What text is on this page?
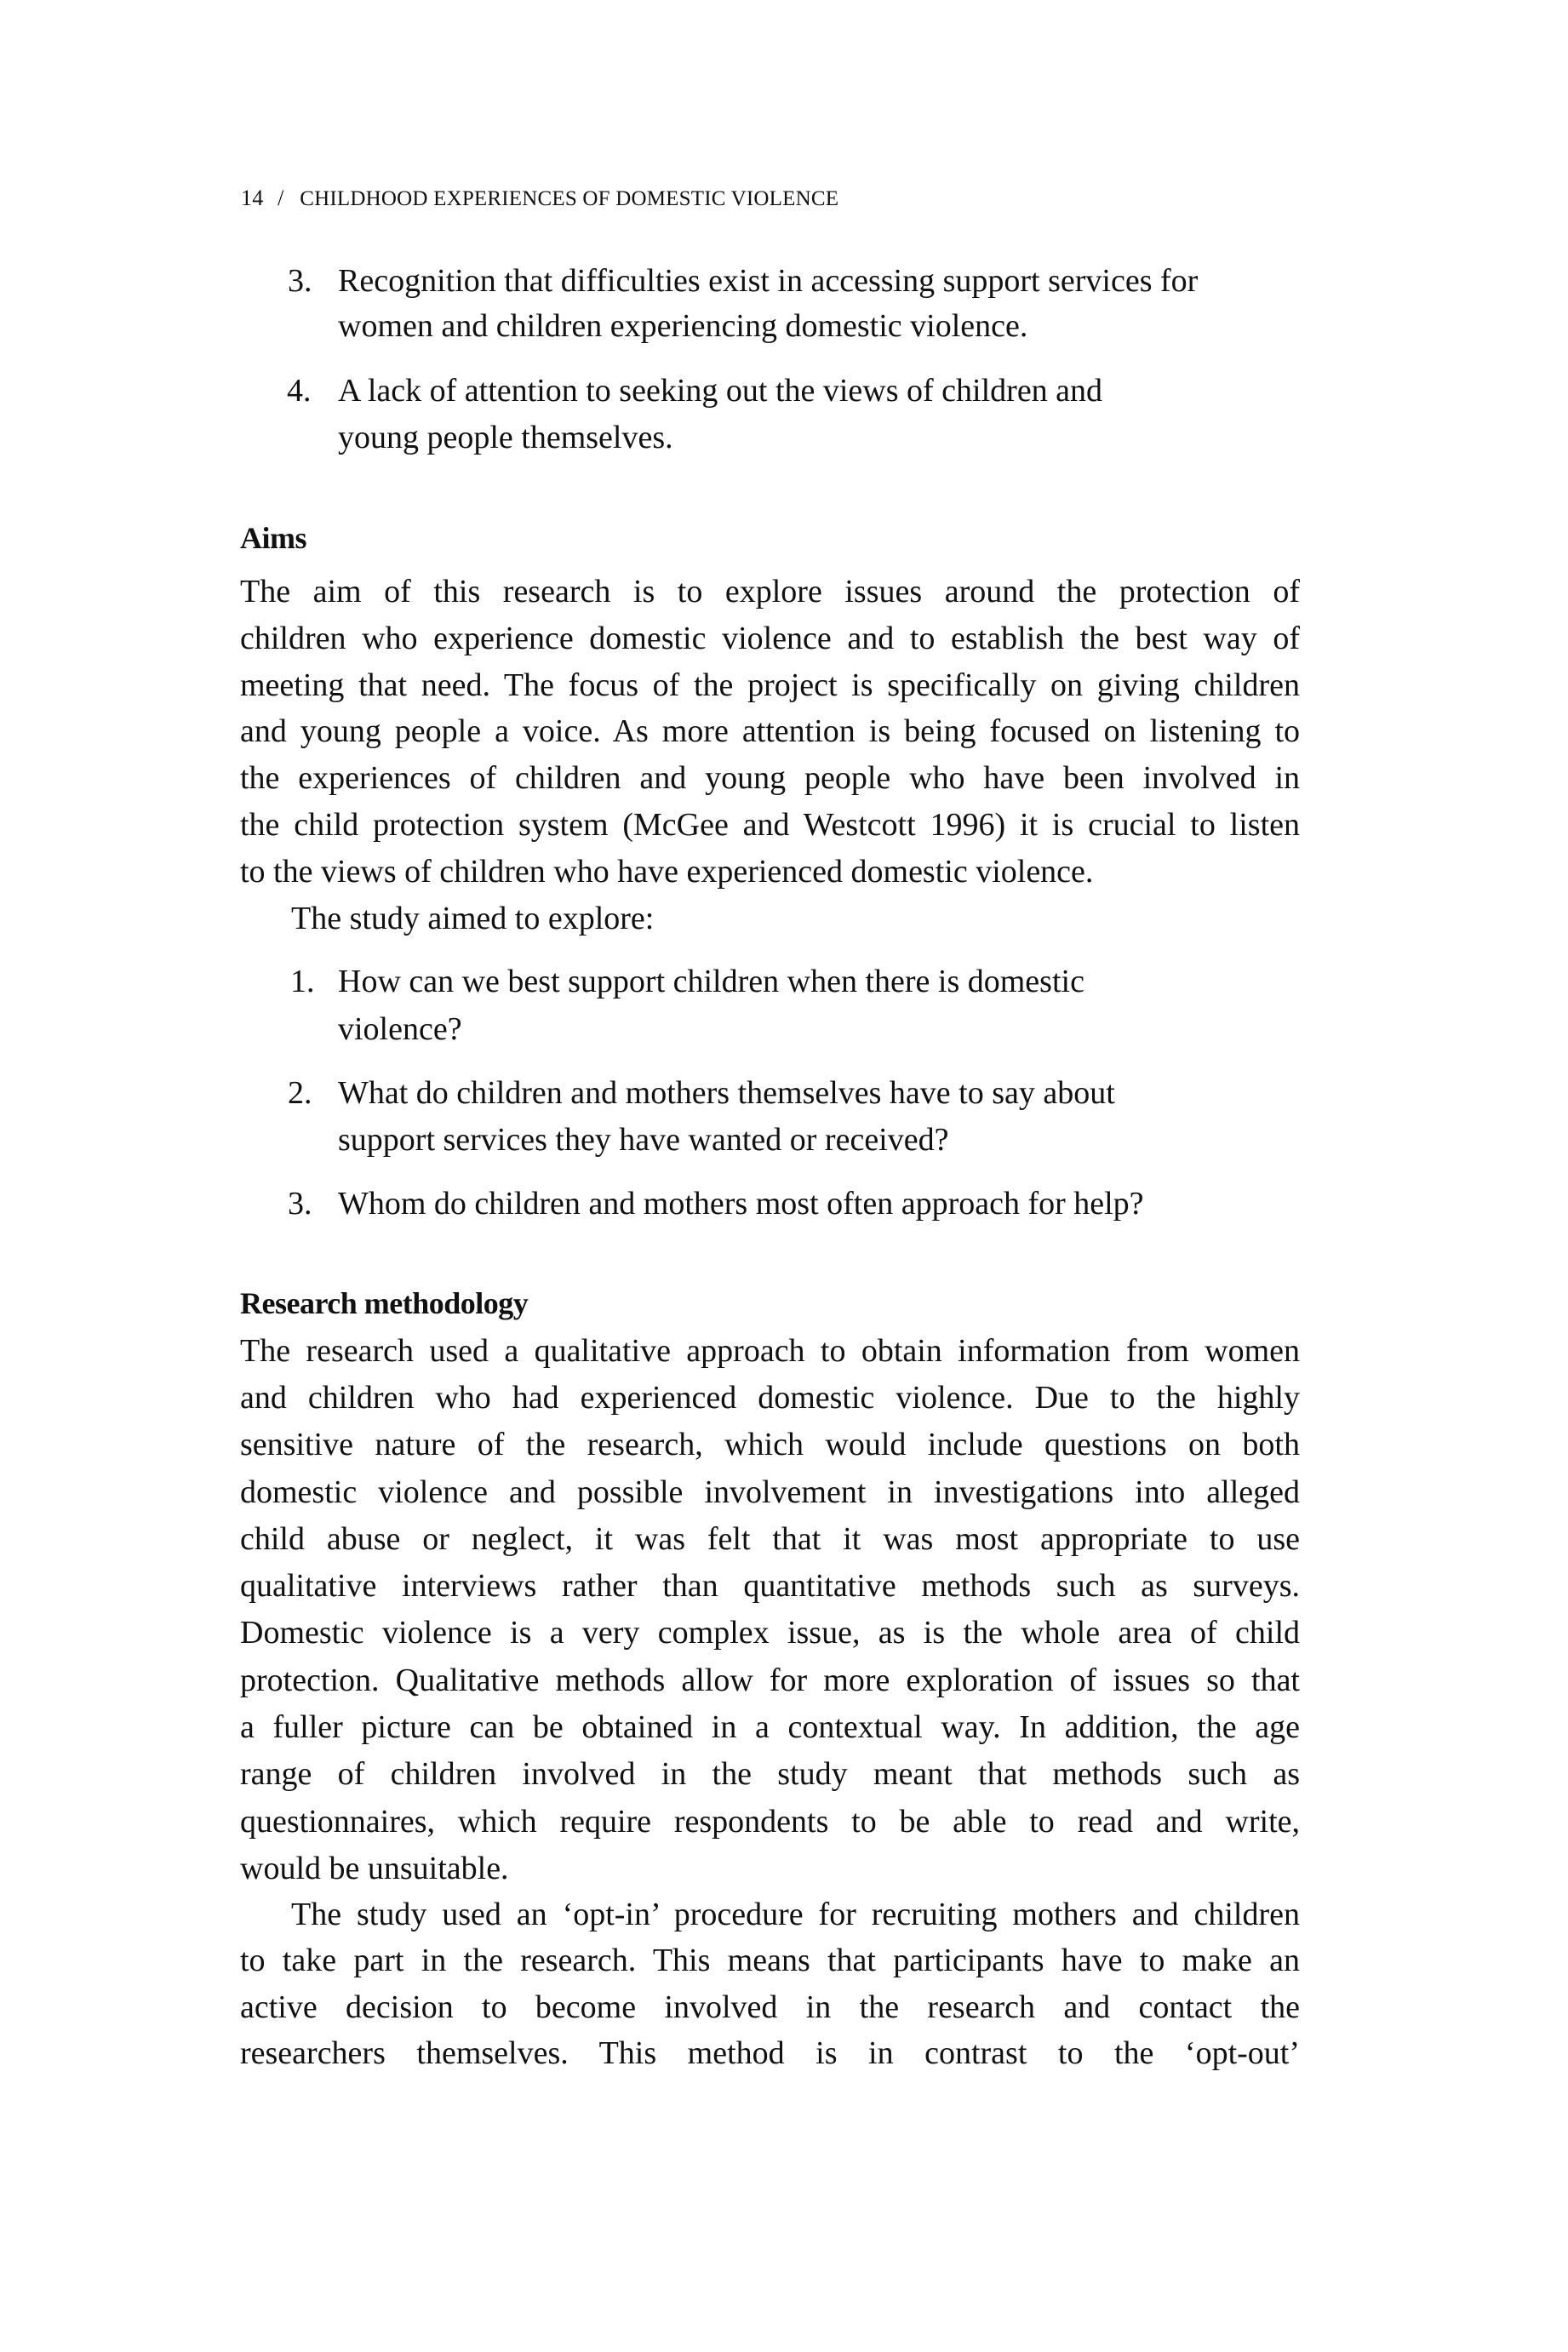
14 / CHILDHOOD EXPERIENCES OF DOMESTIC VIOLENCE
3. Recognition that difficulties exist in accessing support services for
women and children experiencing domestic violence.
4. A lack of attention to seeking out the views of children and
young people themselves.
Aims
The aim of this research is to explore issues around the protection of
children who experience domestic violence and to establish the best way of
meeting that need. The focus of the project is specifically on giving children
and young people a voice. As more attention is being focused on listening to
the experiences of children and young people who have been involved in
the child protection system (McGee and Westcott 1996) it is crucial to listen
to the views of children who have experienced domestic violence.
The study aimed to explore:
1. How can we best support children when there is domestic
violence?
2. What do children and mothers themselves have to say about
support services they have wanted or received?
3. Whom do children and mothers most often approach for help?
Research methodology
The research used a qualitative approach to obtain information from women
and children who had experienced domestic violence. Due to the highly
sensitive nature of the research, which would include questions on both
domestic violence and possible involvement in investigations into alleged
child abuse or neglect, it was felt that it was most appropriate to use
qualitative interviews rather than quantitative methods such as surveys.
Domestic violence is a very complex issue, as is the whole area of child
protection. Qualitative methods allow for more exploration of issues so that
a fuller picture can be obtained in a contextual way. In addition, the age
range of children involved in the study meant that methods such as
questionnaires, which require respondents to be able to read and write,
would be unsuitable.
The study used an ‘opt-in’ procedure for recruiting mothers and children
to take part in the research. This means that participants have to make an
active decision to become involved in the research and contact the
researchers themselves. This method is in contrast to the ‘opt-out’
